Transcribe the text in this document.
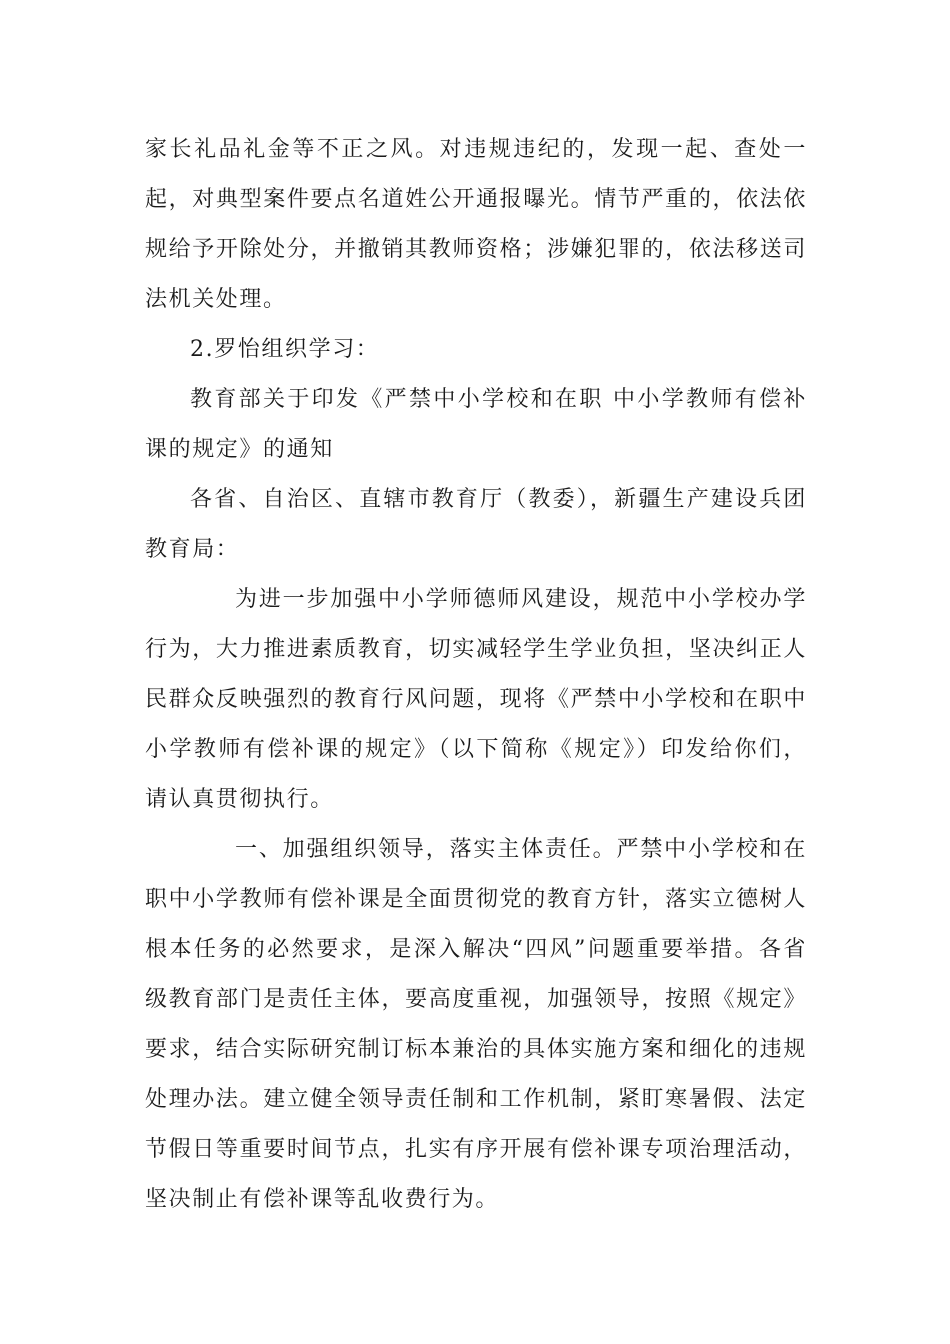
家长礼品礼金等不正之风。对违规违纪的，发现一起、查处一起，对典型案件要点名道姓公开通报曝光。情节严重的，依法依规给予开除处分，并撤销其教师资格；涉嫌犯罪的，依法移送司法机关处理。

2.罗怡组织学习：

教育部关于印发《严禁中小学校和在职 中小学教师有偿补课的规定》的通知

各省、自治区、直辖市教育厅（教委），新疆生产建设兵团教育局：

为进一步加强中小学师德师风建设，规范中小学校办学行为，大力推进素质教育，切实减轻学生学业负担，坚决纠正人民群众反映强烈的教育行风问题，现将《严禁中小学校和在职中小学教师有偿补课的规定》（以下简称《规定》）印发给你们，请认真贯彻执行。

一、加强组织领导，落实主体责任。严禁中小学校和在职中小学教师有偿补课是全面贯彻党的教育方针，落实立德树人根本任务的必然要求，是深入解决“四风”问题重要举措。各省级教育部门是责任主体，要高度重视，加强领导，按照《规定》要求，结合实际研究制订标本兼治的具体实施方案和细化的违规处理办法。建立健全领导责任制和工作机制，紧盯寒暑假、法定节假日等重要时间节点，扎实有序开展有偿补课专项治理活动，坚决制止有偿补课等乱收费行为。
